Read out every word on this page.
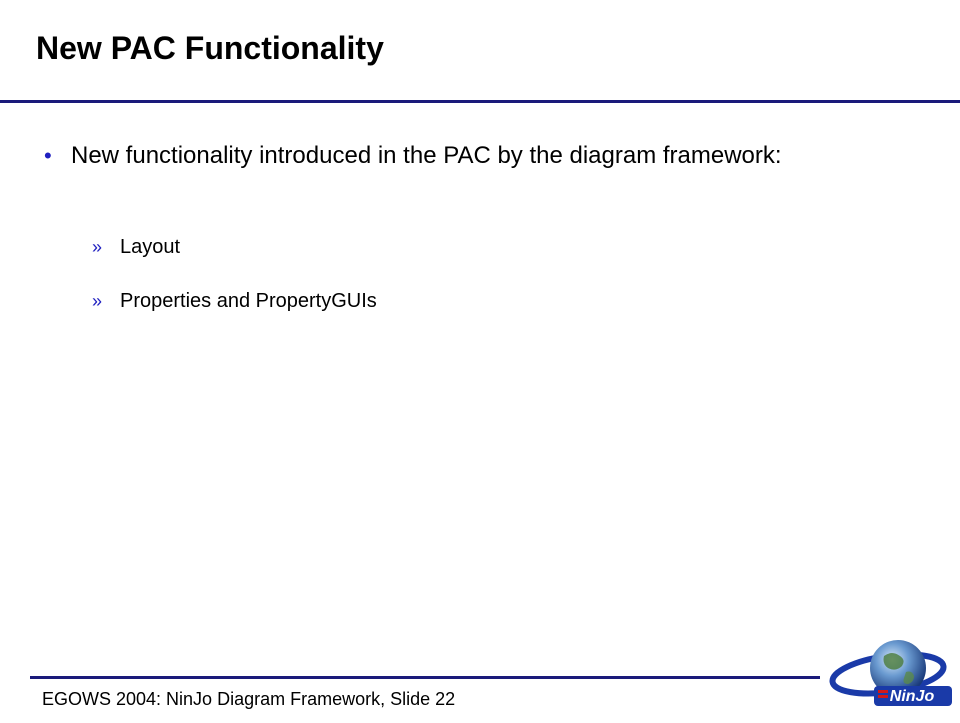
New PAC Functionality
• New functionality introduced in the PAC by the diagram framework:
» Layout
» Properties and PropertyGUIs
EGOWS 2004: NinJo Diagram Framework, Slide 22	NinJo
